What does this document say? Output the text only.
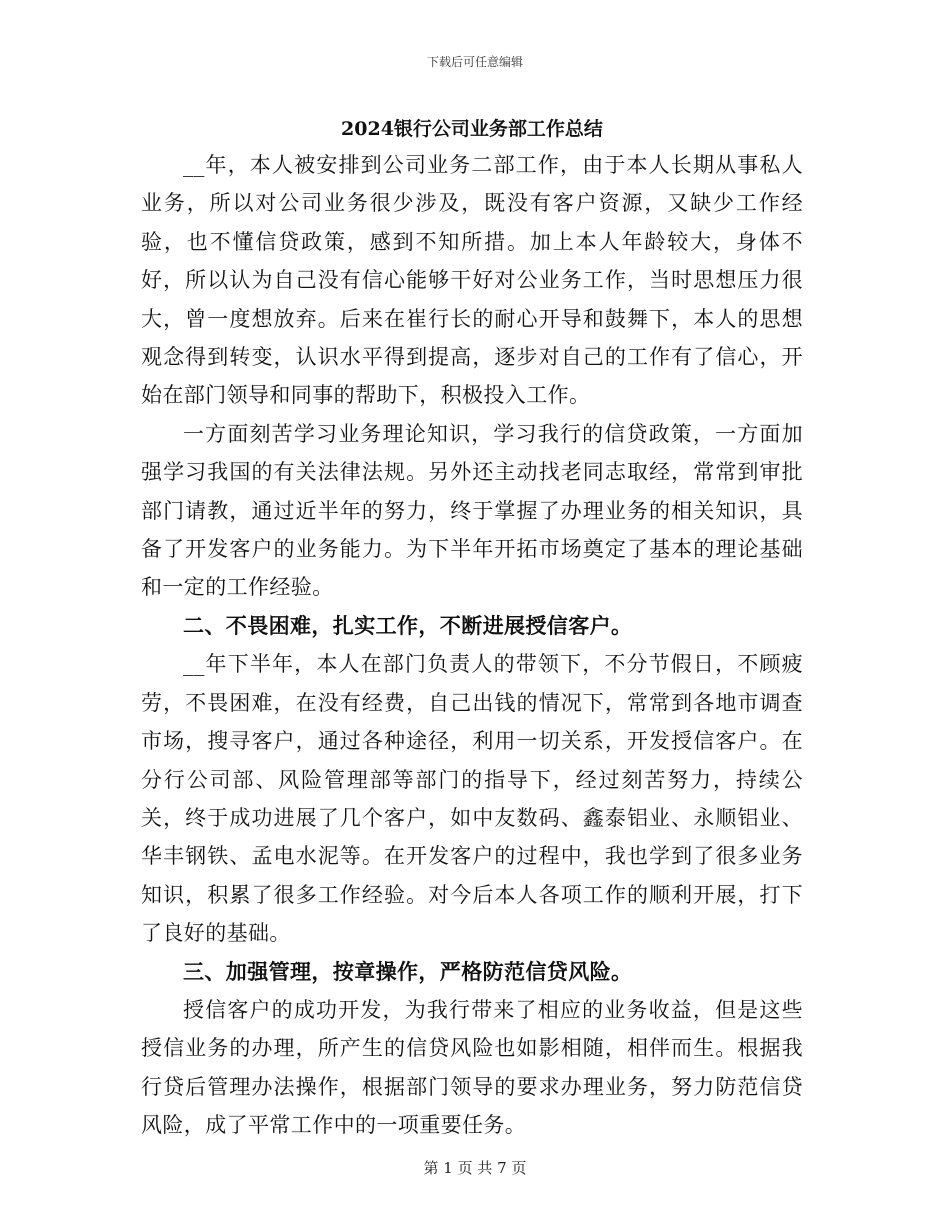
下载后可任意编辑
2024银行公司业务部工作总结

__年，本人被安排到公司业务二部工作，由于本人长期从事私人业务，所以对公司业务很少涉及，既没有客户资源，又缺少工作经验，也不懂信贷政策，感到不知所措。加上本人年龄较大，身体不好，所以认为自己没有信心能够干好对公业务工作，当时思想压力很大，曾一度想放弃。后来在崔行长的耐心开导和鼓舞下，本人的思想观念得到转变，认识水平得到提高，逐步对自己的工作有了信心，开始在部门领导和同事的帮助下，积极投入工作。

一方面刻苦学习业务理论知识，学习我行的信贷政策，一方面加强学习我国的有关法律法规。另外还主动找老同志取经，常常到审批部门请教，通过近半年的努力，终于掌握了办理业务的相关知识，具备了开发客户的业务能力。为下半年开拓市场奠定了基本的理论基础和一定的工作经验。

二、不畏困难，扎实工作，不断进展授信客户。

__年下半年，本人在部门负责人的带领下，不分节假日，不顾疲劳，不畏困难，在没有经费，自己出钱的情况下，常常到各地市调查市场，搜寻客户，通过各种途径，利用一切关系，开发授信客户。在分行公司部、风险管理部等部门的指导下，经过刻苦努力，持续公关，终于成功进展了几个客户，如中友数码、鑫泰铝业、永顺铝业、华丰钢铁、孟电水泥等。在开发客户的过程中，我也学到了很多业务知识，积累了很多工作经验。对今后本人各项工作的顺利开展，打下了良好的基础。

三、加强管理，按章操作，严格防范信贷风险。

授信客户的成功开发，为我行带来了相应的业务收益，但是这些授信业务的办理，所产生的信贷风险也如影相随，相伴而生。根据我行贷后管理办法操作，根据部门领导的要求办理业务，努力防范信贷风险，成了平常工作中的一项重要任务。

第 1 页 共 7 页
